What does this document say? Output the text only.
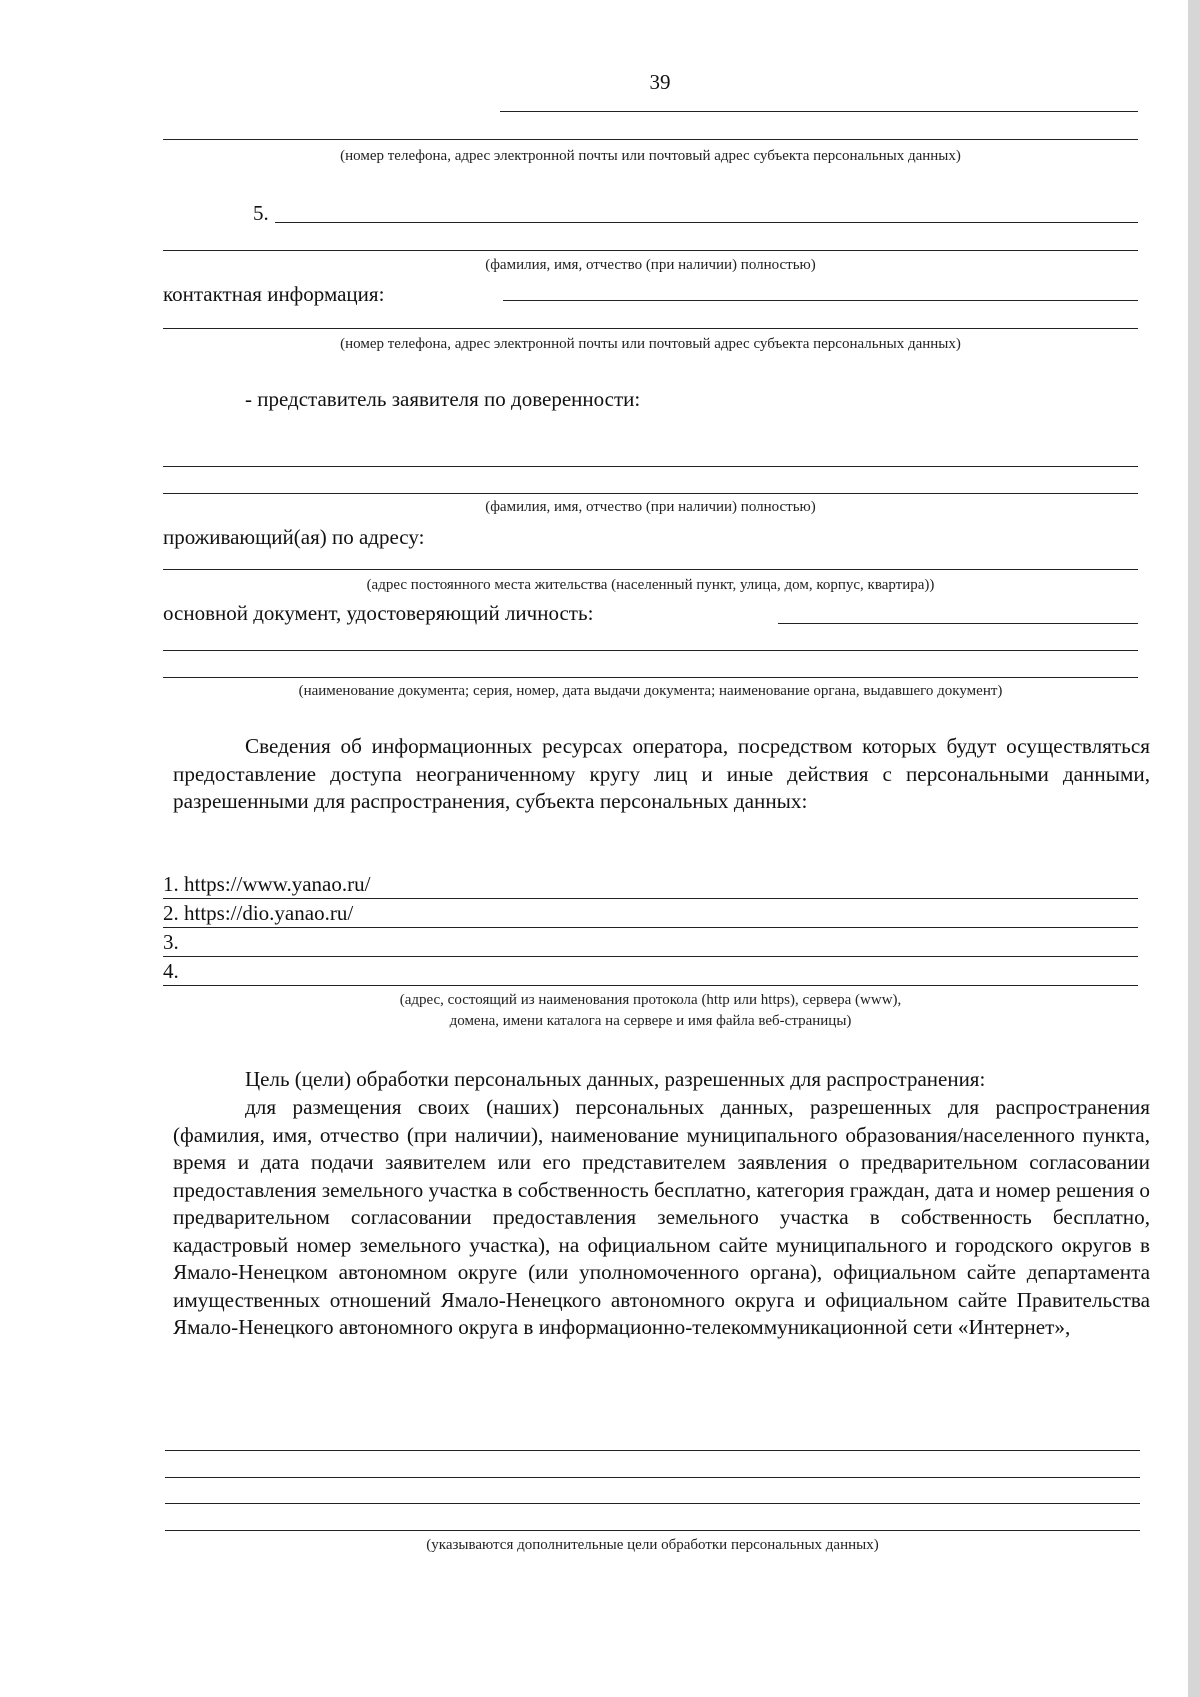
39
(номер телефона, адрес электронной почты или почтовый адрес субъекта персональных данных)
5.
(фамилия, имя, отчество (при наличии) полностью)
контактная информация:
(номер телефона, адрес электронной почты или почтовый адрес субъекта персональных данных)
- представитель заявителя по доверенности:
(фамилия, имя, отчество (при наличии) полностью)
проживающий(ая) по адресу:
(адрес постоянного места жительства (населенный пункт, улица, дом, корпус, квартира))
основной документ, удостоверяющий личность:
(наименование документа; серия, номер, дата выдачи документа; наименование органа, выдавшего документ)
Сведения об информационных ресурсах оператора, посредством которых будут осуществляться предоставление доступа неограниченному кругу лиц и иные действия с персональными данными, разрешенными для распространения, субъекта персональных данных:
1. https://www.yanao.ru/
2. https://dio.yanao.ru/
3.
4.
(адрес, состоящий из наименования протокола (http или https), сервера (www),
домена, имени каталога на сервере и имя файла веб-страницы)
Цель (цели) обработки персональных данных, разрешенных для распространения:
для размещения своих (наших) персональных данных, разрешенных для распространения (фамилия, имя, отчество (при наличии), наименование муниципального образования/населенного пункта, время и дата подачи заявителем или его представителем заявления о предварительном согласовании предоставления земельного участка в собственность бесплатно, категория граждан, дата и номер решения о предварительном согласовании предоставления земельного участка в собственность бесплатно, кадастровый номер земельного участка), на официальном сайте муниципального и городского округов в Ямало-Ненецком автономном округе (или уполномоченного органа), официальном сайте департамента имущественных отношений Ямало-Ненецкого автономного округа и официальном сайте Правительства Ямало-Ненецкого автономного округа в информационно-телекоммуникационной сети «Интернет»,
(указываются дополнительные цели обработки персональных данных)
